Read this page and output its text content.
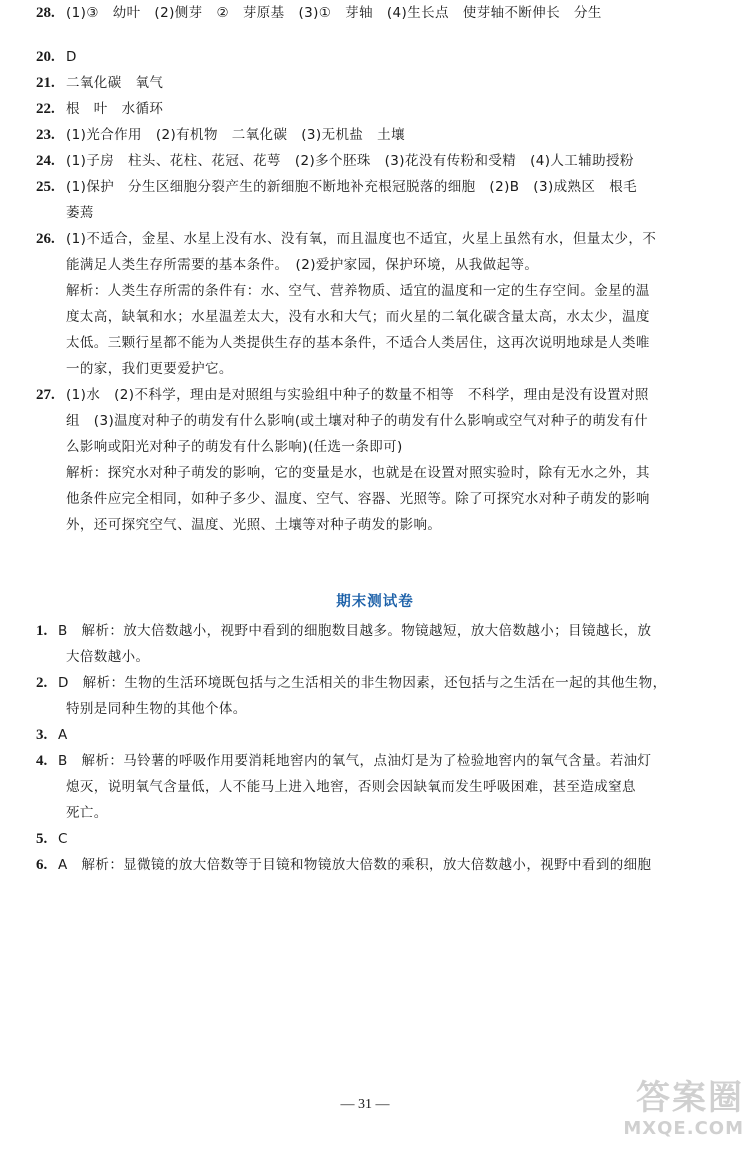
20. D
21. 二氧化碳　氧气
22. 根　叶　水循环
23. (1)光合作用　(2)有机物　二氧化碳　(3)无机盐　土壤
24. (1)子房　柱头、花柱、花冠、花萼　(2)多个胚珠　(3)花没有传粉和受精　(4)人工辅助授粉
25. (1)保护　分生区细胞分裂产生的新细胞不断地补充根冠脱落的细胞　(2)B　(3)成熟区　根毛
萎蔫
26. (1)不适合，金星、水星上没有水、没有氧，而且温度也不适宜，火星上虽然有水，但量太少，不
能满足人类生存所需要的基本条件。　(2)爱护家园，保护环境，从我做起等。
解析：人类生存所需的条件有：水、空气、营养物质、适宜的温度和一定的生存空间。金星的温
度太高，缺氧和水；水星温差太大，没有水和大气；而火星的二氧化碳含量太高，水太少，温度
太低。三颗行星都不能为人类提供生存的基本条件，不适合人类居住，这再次说明地球是人类唯
一的家，我们更要爱护它。
27. (1)水　(2)不科学，理由是对照组与实验组中种子的数量不相等　不科学，理由是没有设置对照
组　(3)温度对种子的萌发有什么影响(或土壤对种子的萌发有什么影响或空气对种子的萌发有什
么影响或阳光对种子的萌发有什么影响)(任选一条即可)
解析：探究水对种子萌发的影响，它的变量是水，也就是在设置对照实验时，除有无水之外，其
他条件应完全相同，如种子多少、温度、空气、容器、光照等。除了可探究水对种子萌发的影响
外，还可探究空气、温度、光照、土壤等对种子萌发的影响。
28. (1)③　幼叶　(2)侧芽　②　芽原基　(3)①　芽轴　(4)生长点　使芽轴不断伸长　分生
期末测试卷
1. B　解析：放大倍数越小，视野中看到的细胞数目越多。物镜越短，放大倍数越小；目镜越长，放
大倍数越小。
2. D　解析：生物的生活环境既包括与之生活相关的非生物因素，还包括与之生活在一起的其他生物，
特别是同种生物的其他个体。
3. A
4. B　解析：马铃薯的呼吸作用要消耗地窖内的氧气，点油灯是为了检验地窖内的氧气含量。若油灯
熄灭，说明氧气含量低，人不能马上进入地窖，否则会因缺氧而发生呼吸困难，甚至造成窒息
死亡。
5. C
6. A　解析：显微镜的放大倍数等于目镜和物镜放大倍数的乘积，放大倍数越小，视野中看到的细胞
— 31 —	答案圈
MXQE.COM
